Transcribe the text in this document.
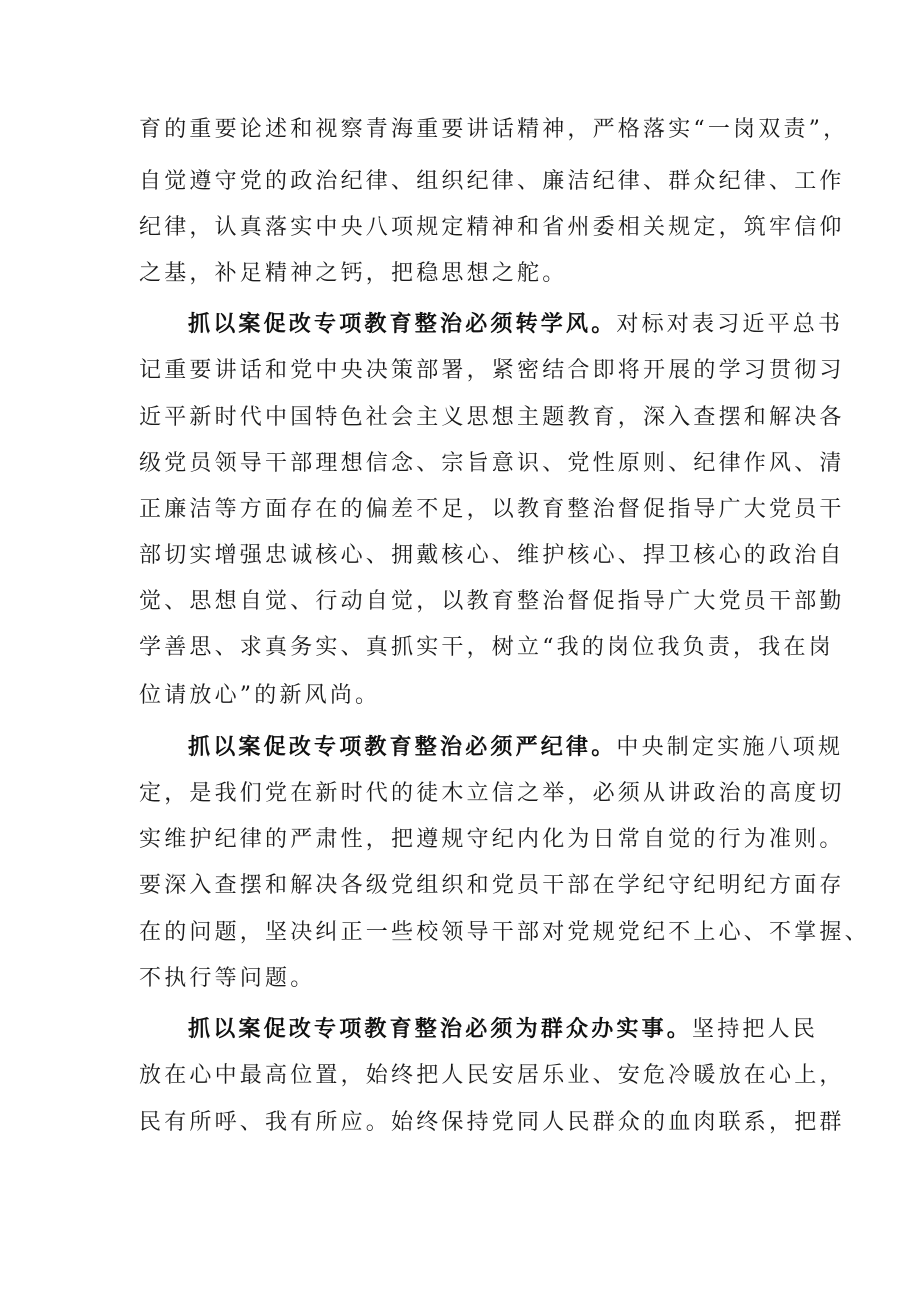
育的重要论述和视察青海重要讲话精神，严格落实“一岗双责”，
自觉遵守党的政治纪律、组织纪律、廉洁纪律、群众纪律、工作
纪律，认真落实中央八项规定精神和省州委相关规定，筑牢信仰
之基，补足精神之钙，把稳思想之舵。
抓以案促改专项教育整治必须转学风。对标对表习近平总书
记重要讲话和党中央决策部署，紧密结合即将开展的学习贯彻习
近平新时代中国特色社会主义思想主题教育，深入查摆和解决各
级党员领导干部理想信念、宗旨意识、党性原则、纪律作风、清
正廉洁等方面存在的偏差不足，以教育整治督促指导广大党员干
部切实增强忠诚核心、拥戴核心、维护核心、捍卫核心的政治自
觉、思想自觉、行动自觉，以教育整治督促指导广大党员干部勤
学善思、求真务实、真抓实干，树立“我的岗位我负责，我在岗
位请放心”的新风尚。
抓以案促改专项教育整治必须严纪律。中央制定实施八项规
定，是我们党在新时代的徒木立信之举，必须从讲政治的高度切
实维护纪律的严肃性，把遵规守纪内化为日常自觉的行为准则。
要深入查摆和解决各级党组织和党员干部在学纪守纪明纪方面存
在的问题，坚决纠正一些校领导干部对党规党纪不上心、不掌握、
不执行等问题。
抓以案促改专项教育整治必须为群众办实事。坚持把人民
放在心中最高位置，始终把人民安居乐业、安危冷暖放在心上，
民有所呼、我有所应。始终保持党同人民群众的血肉联系，把群
